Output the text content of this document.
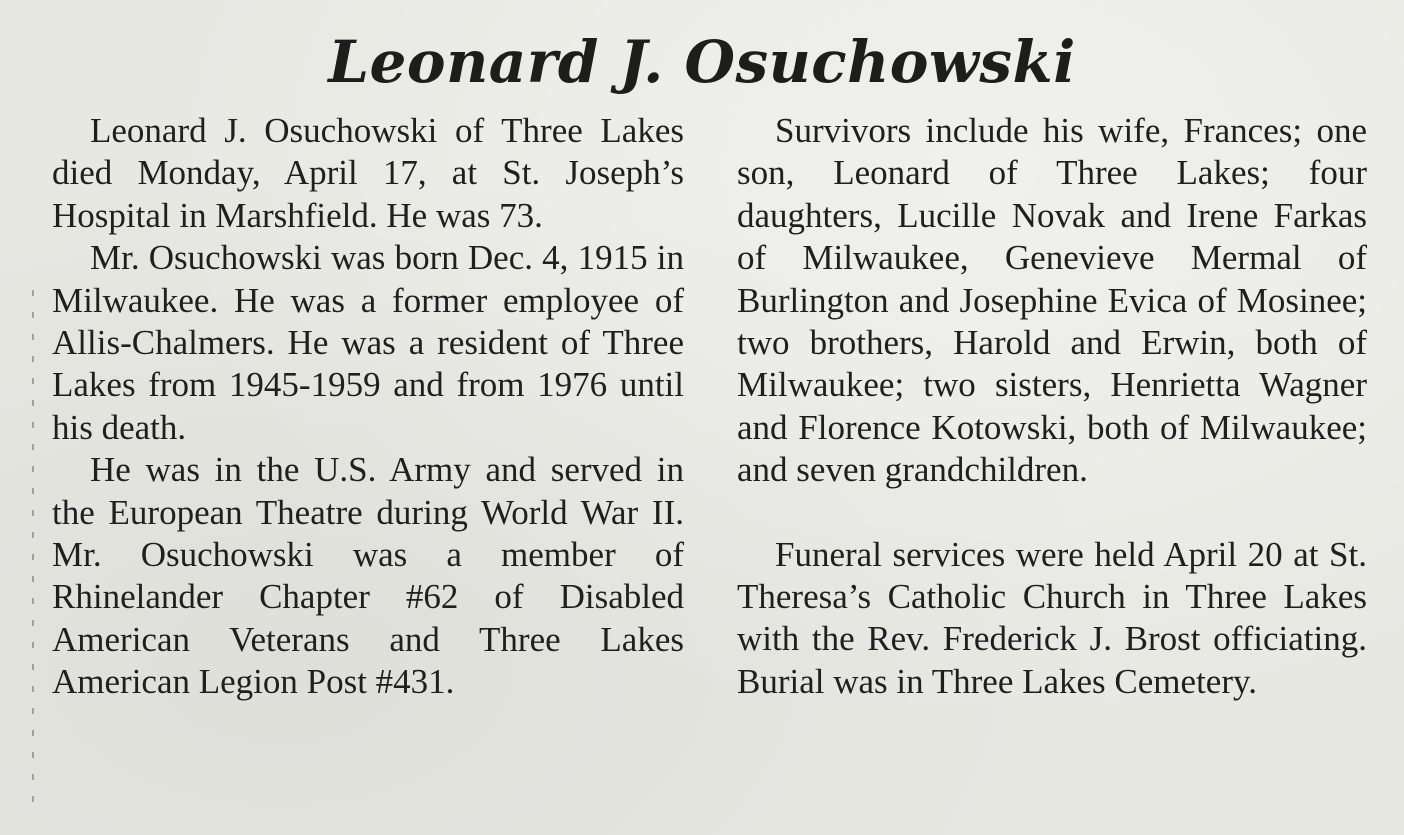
Leonard J. Osuchowski

Leonard J. Osuchowski of Three Lakes died Monday, April 17, at St. Joseph’s Hospital in Marshfield. He was 73.

Mr. Osuchowski was born Dec. 4, 1915 in Milwaukee. He was a former employee of Allis-Chalmers. He was a resident of Three Lakes from 1945-1959 and from 1976 until his death.

He was in the U.S. Army and served in the European Theatre during World War II. Mr. Osuchowski was a member of Rhinelander Chapter #62 of Disabled American Veterans and Three Lakes American Legion Post #431.

Survivors include his wife, Frances; one son, Leonard of Three Lakes; four daughters, Lucille Novak and Irene Farkas of Milwaukee, Genevieve Mermal of Burlington and Josephine Evica of Mosinee; two brothers, Harold and Erwin, both of Milwaukee; two sisters, Henrietta Wagner and Florence Kotowski, both of Milwaukee; and seven grandchildren.

Funeral services were held April 20 at St. Theresa’s Catholic Church in Three Lakes with the Rev. Frederick J. Brost officiating. Burial was in Three Lakes Cemetery.
